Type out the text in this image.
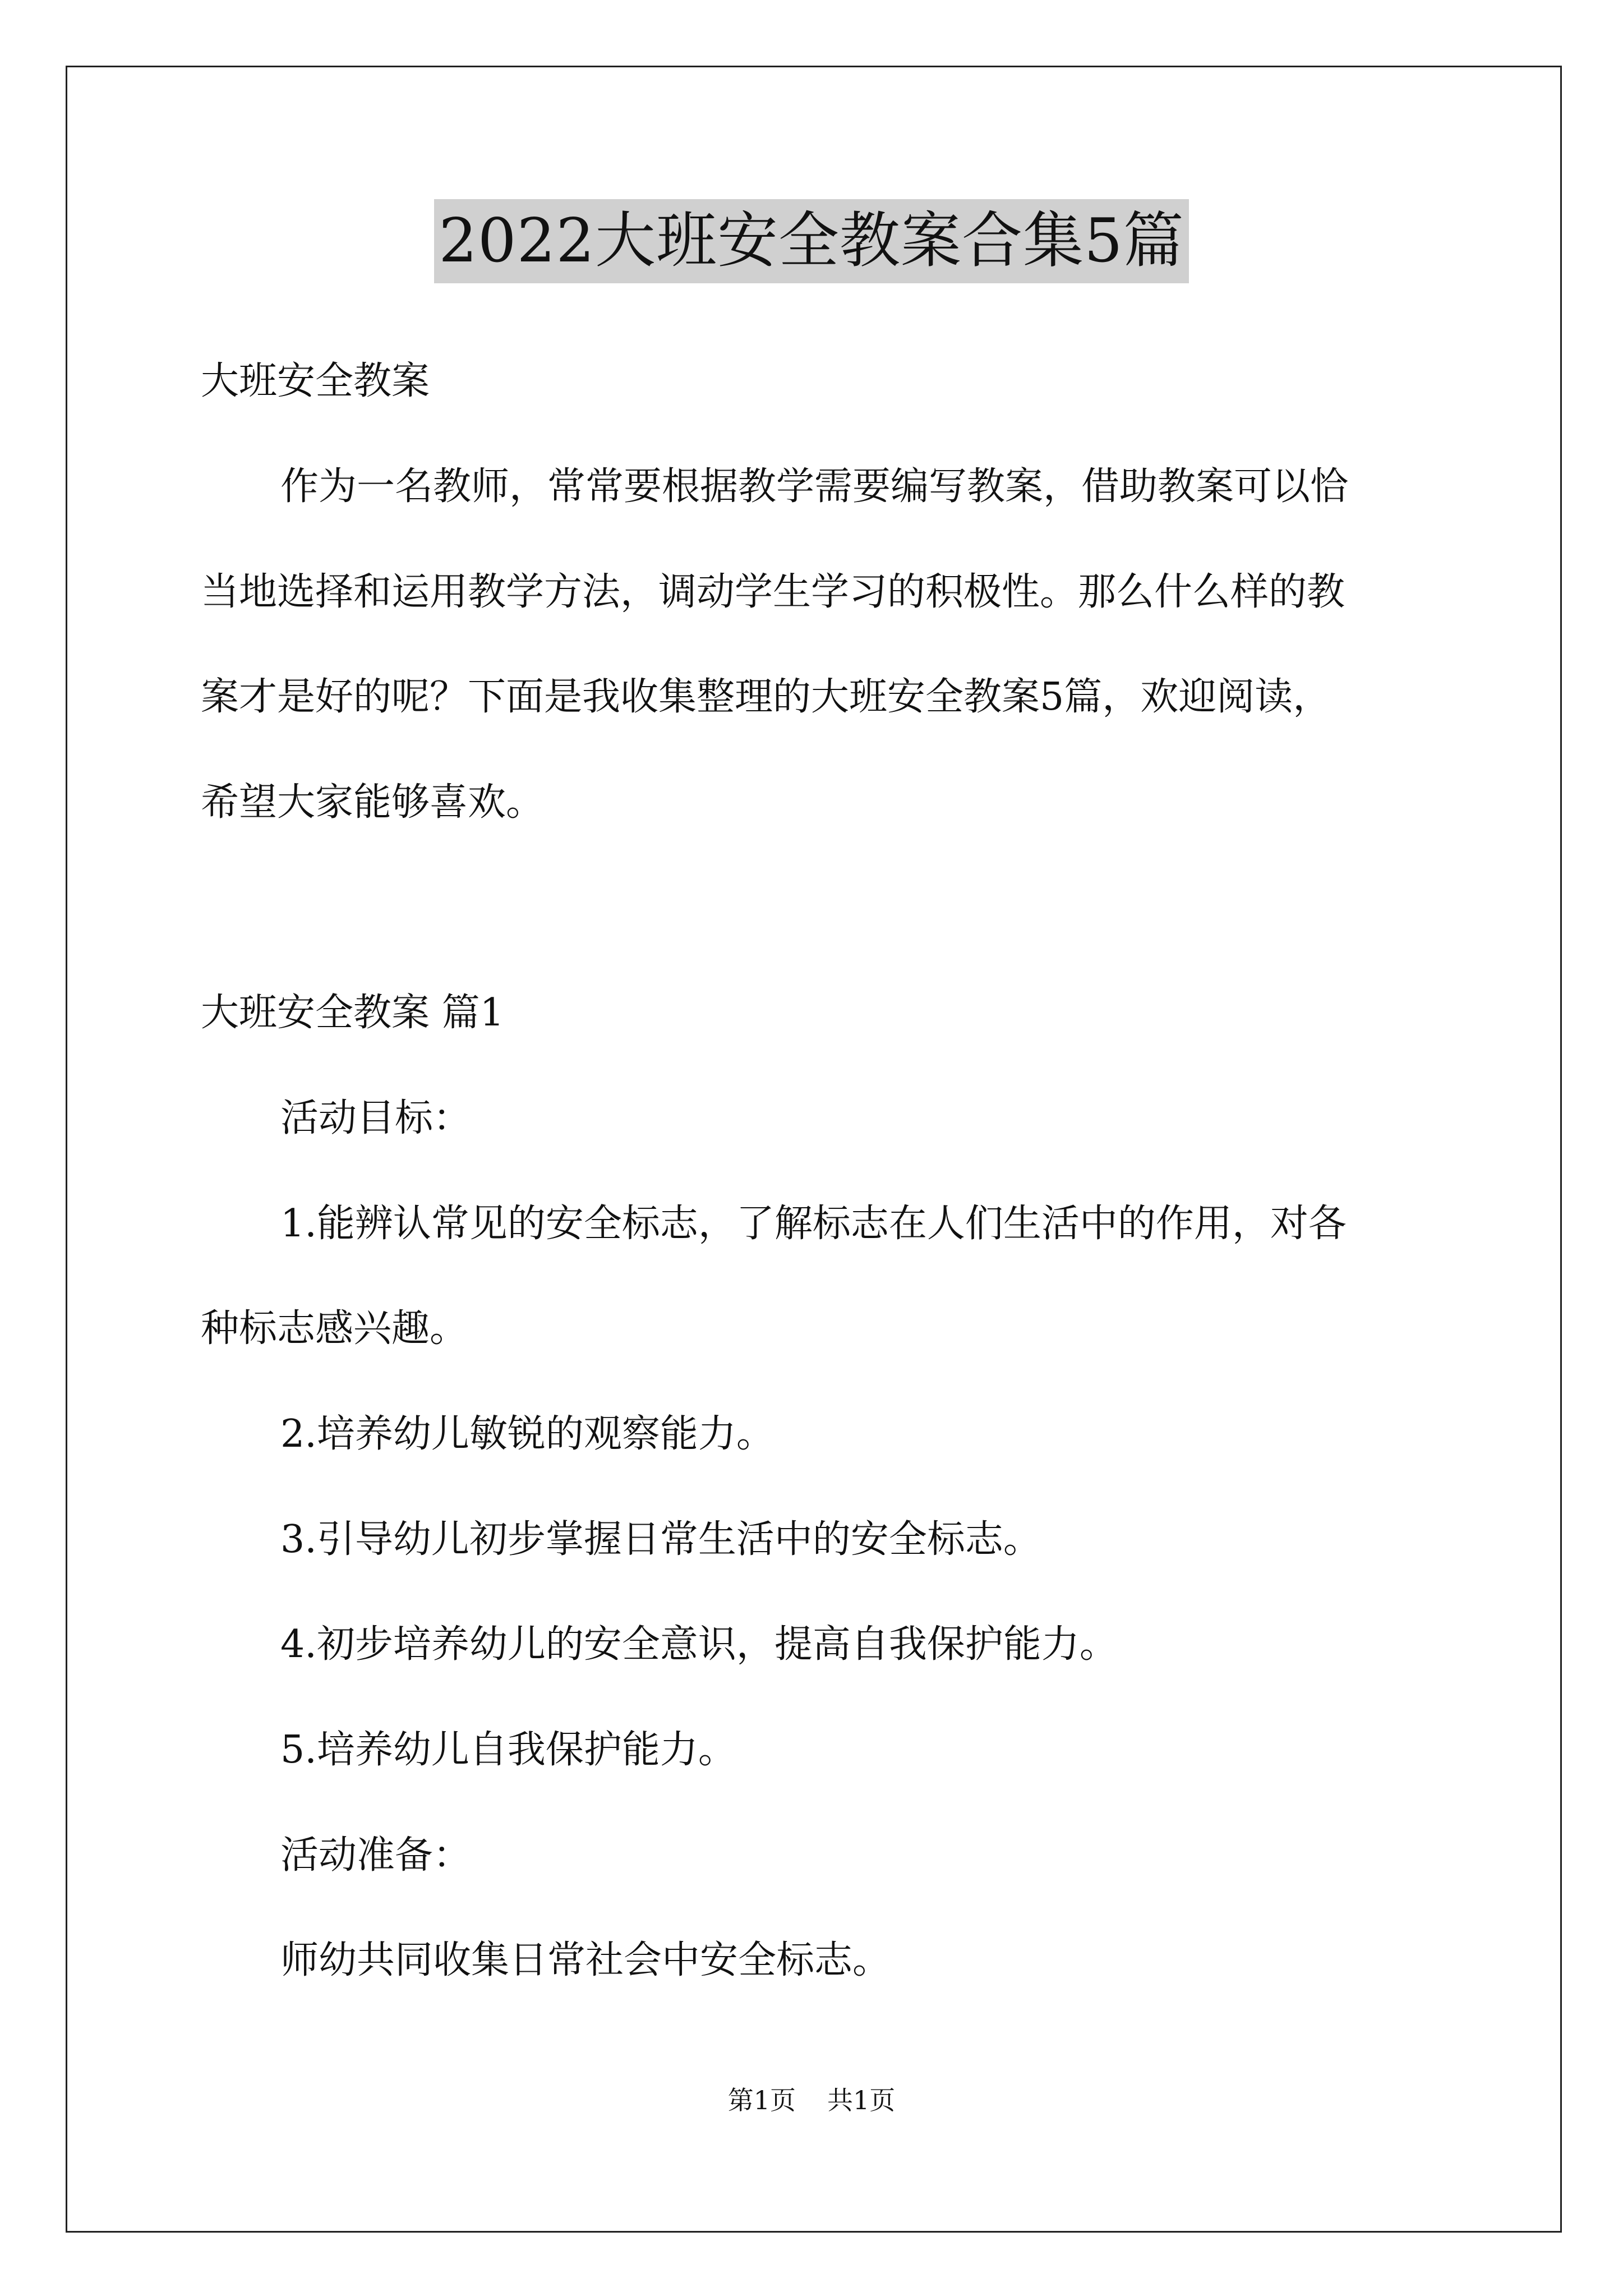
2022大班安全教案合集5篇
大班安全教案
作为一名教师，常常要根据教学需要编写教案，借助教案可以恰
当地选择和运用教学方法，调动学生学习的积极性。那么什么样的教
案才是好的呢？下面是我收集整理的大班安全教案5篇，欢迎阅读，
希望大家能够喜欢。
大班安全教案 篇1
活动目标：
1.能辨认常见的安全标志，了解标志在人们生活中的作用，对各
种标志感兴趣。
2.培养幼儿敏锐的观察能力。
3.引导幼儿初步掌握日常生活中的安全标志。
4.初步培养幼儿的安全意识，提高自我保护能力。
5.培养幼儿自我保护能力。
活动准备：
师幼共同收集日常社会中安全标志。
第1页 共1页
